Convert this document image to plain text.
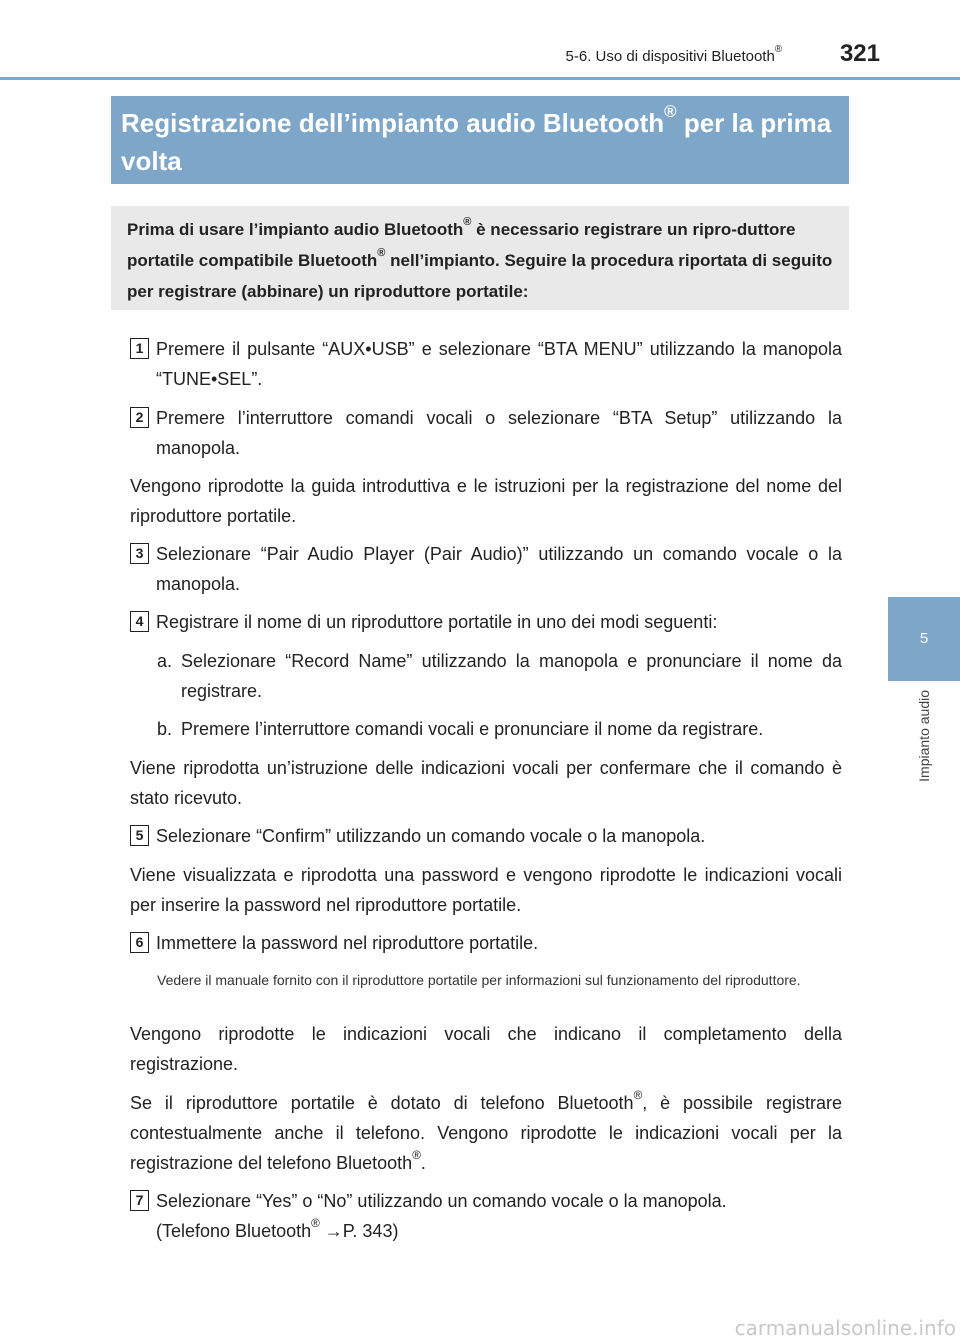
5-6. Uso di dispositivi Bluetooth® 321
5
Impianto audio
Registrazione dell’impianto audio Bluetooth® per la prima volta
Prima di usare l’impianto audio Bluetooth® è necessario registrare un ripro-duttore portatile compatibile Bluetooth® nell’impianto. Seguire la procedura riportata di seguito per registrare (abbinare) un riproduttore portatile:
1 Premere il pulsante “AUX•USB” e selezionare “BTA MENU” utilizzando la manopola “TUNE•SEL”.
2 Premere l’interruttore comandi vocali o selezionare “BTA Setup” utilizzando la manopola.
Vengono riprodotte la guida introduttiva e le istruzioni per la registrazione del nome del riproduttore portatile.
3 Selezionare “Pair Audio Player (Pair Audio)” utilizzando un comando vocale o la manopola.
4 Registrare il nome di un riproduttore portatile in uno dei modi seguenti:
a. Selezionare “Record Name” utilizzando la manopola e pronunciare il nome da registrare.
b. Premere l’interruttore comandi vocali e pronunciare il nome da registrare.
Viene riprodotta un’istruzione delle indicazioni vocali per confermare che il comando è stato ricevuto.
5 Selezionare “Confirm” utilizzando un comando vocale o la manopola.
Viene visualizzata e riprodotta una password e vengono riprodotte le indicazioni vocali per inserire la password nel riproduttore portatile.
6 Immettere la password nel riproduttore portatile.
Vedere il manuale fornito con il riproduttore portatile per informazioni sul funzionamento del riproduttore.
Vengono riprodotte le indicazioni vocali che indicano il completamento della registrazione.
Se il riproduttore portatile è dotato di telefono Bluetooth®, è possibile registrare contestualmente anche il telefono. Vengono riprodotte le indicazioni vocali per la registrazione del telefono Bluetooth®.
7 Selezionare “Yes” o “No” utilizzando un comando vocale o la manopola.
(Telefono Bluetooth® →P. 343)
carmanualsonline.info
